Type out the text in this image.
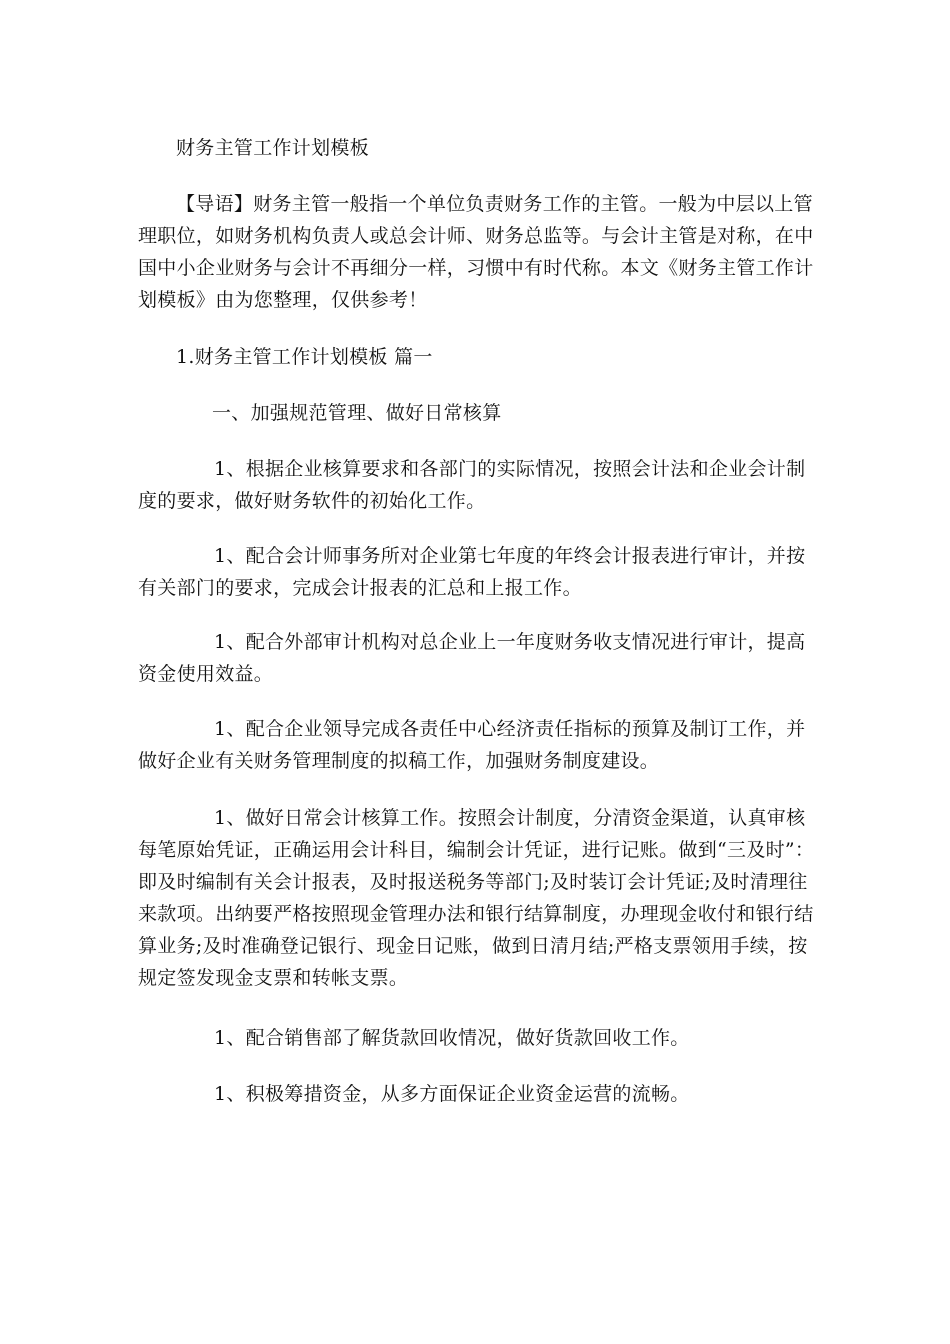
财务主管工作计划模板

【导语】财务主管一般指一个单位负责财务工作的主管。一般为中层以上管理职位，如财务机构负责人或总会计师、财务总监等。与会计主管是对称，在中国中小企业财务与会计不再细分一样，习惯中有时代称。本文《财务主管工作计划模板》由为您整理，仅供参考！

1.财务主管工作计划模板 篇一

一、加强规范管理、做好日常核算

1、根据企业核算要求和各部门的实际情况，按照会计法和企业会计制度的要求，做好财务软件的初始化工作。

1、配合会计师事务所对企业第七年度的年终会计报表进行审计，并按有关部门的要求，完成会计报表的汇总和上报工作。

1、配合外部审计机构对总企业上一年度财务收支情况进行审计，提高资金使用效益。

1、配合企业领导完成各责任中心经济责任指标的预算及制订工作，并做好企业有关财务管理制度的拟稿工作，加强财务制度建设。

1、做好日常会计核算工作。按照会计制度，分清资金渠道，认真审核每笔原始凭证，正确运用会计科目，编制会计凭证，进行记账。做到“三及时”：即及时编制有关会计报表，及时报送税务等部门;及时装订会计凭证;及时清理往来款项。出纳要严格按照现金管理办法和银行结算制度，办理现金收付和银行结算业务;及时准确登记银行、现金日记账，做到日清月结;严格支票领用手续，按规定签发现金支票和转帐支票。

1、配合销售部了解货款回收情况，做好货款回收工作。

1、积极筹措资金，从多方面保证企业资金运营的流畅。
